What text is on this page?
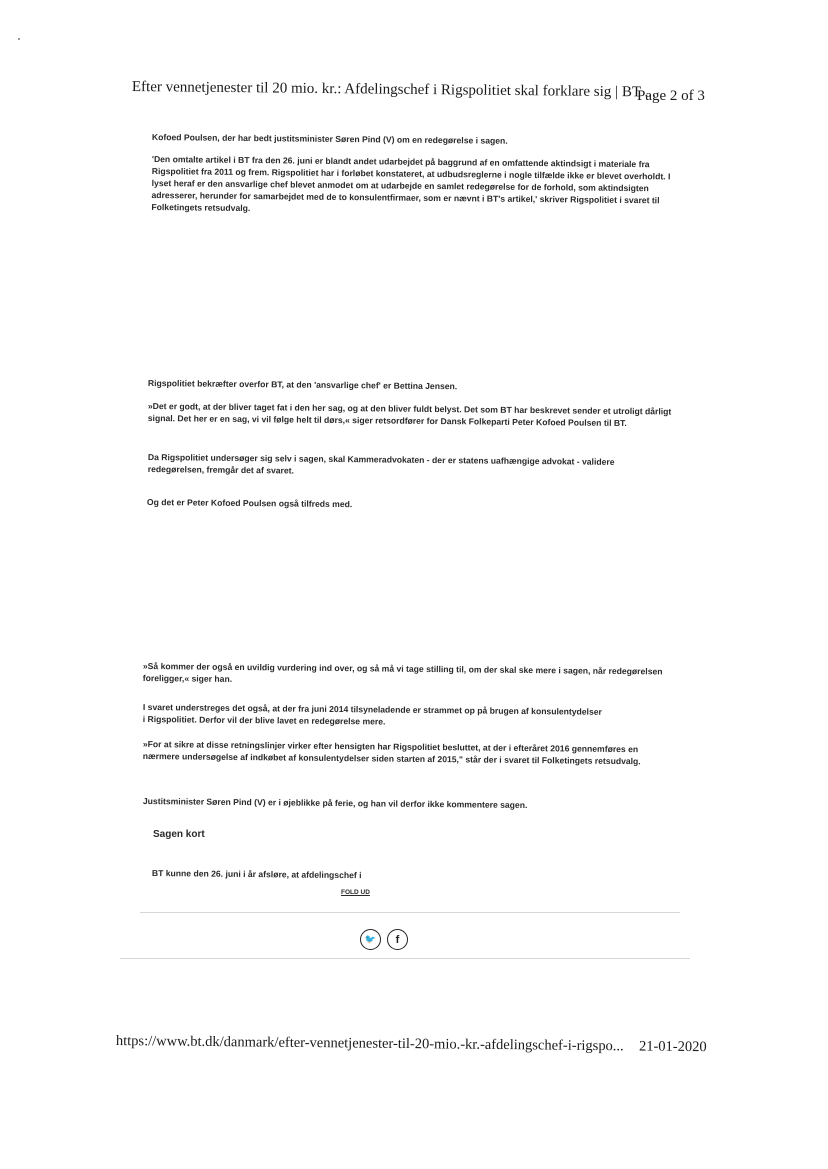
Efter vennetjenester til 20 mio. kr.: Afdelingschef i Rigspolitiet skal forklare sig | BT ...
Page 2 of 3
Kofoed Poulsen, der har bedt justitsminister Søren Pind (V) om en redegørelse i sagen.
'Den omtalte artikel i BT fra den 26. juni er blandt andet udarbejdet på baggrund af en omfattende aktindsigt i materiale fra Rigspolitiet fra 2011 og frem. Rigspolitiet har i forløbet konstateret, at udbudsreglerne i nogle tilfælde ikke er blevet overholdt. I lyset heraf er den ansvarlige chef blevet anmodet om at udarbejde en samlet redegørelse for de forhold, som aktindsigten adresserer, herunder for samarbejdet med de to konsulentfirmaer, som er nævnt i BT's artikel,' skriver Rigspolitiet i svaret til Folketingets retsudvalg.
Rigspolitiet bekræfter overfor BT, at den 'ansvarlige chef' er Bettina Jensen.
»Det er godt, at der bliver taget fat i den her sag, og at den bliver fuldt belyst. Det som BT har beskrevet sender et utroligt dårligt signal. Det her er en sag, vi vil følge helt til dørs,« siger retsordfører for Dansk Folkeparti Peter Kofoed Poulsen til BT.
Da Rigspolitiet undersøger sig selv i sagen, skal Kammeradvokaten - der er statens uafhængige advokat - validere redegørelsen, fremgår det af svaret.
Og det er Peter Kofoed Poulsen også tilfreds med.
»Så kommer der også en uvildig vurdering ind over, og så må vi tage stilling til, om der skal ske mere i sagen, når redegørelsen foreligger,« siger han.
I svaret understreges det også, at der fra juni 2014 tilsyneladende er strammet op på brugen af konsulentydelser i Rigspolitiet. Derfor vil der blive lavet en redegørelse mere.
»For at sikre at disse retningslinjer virker efter hensigten har Rigspolitiet besluttet, at der i efteråret 2016 gennemføres en nærmere undersøgelse af indkøbet af konsulentydelser siden starten af 2015," står der i svaret til Folketingets retsudvalg.
Justitsminister Søren Pind (V) er i øjeblikke på ferie, og han vil derfor ikke kommentere sagen.
Sagen kort
BT kunne den 26. juni i år afsløre, at afdelingschef i
FOLD UD
🐦 f
https://www.bt.dk/danmark/efter-vennetjenester-til-20-mio.-kr.-afdelingschef-i-rigspo... 21-01-2020
